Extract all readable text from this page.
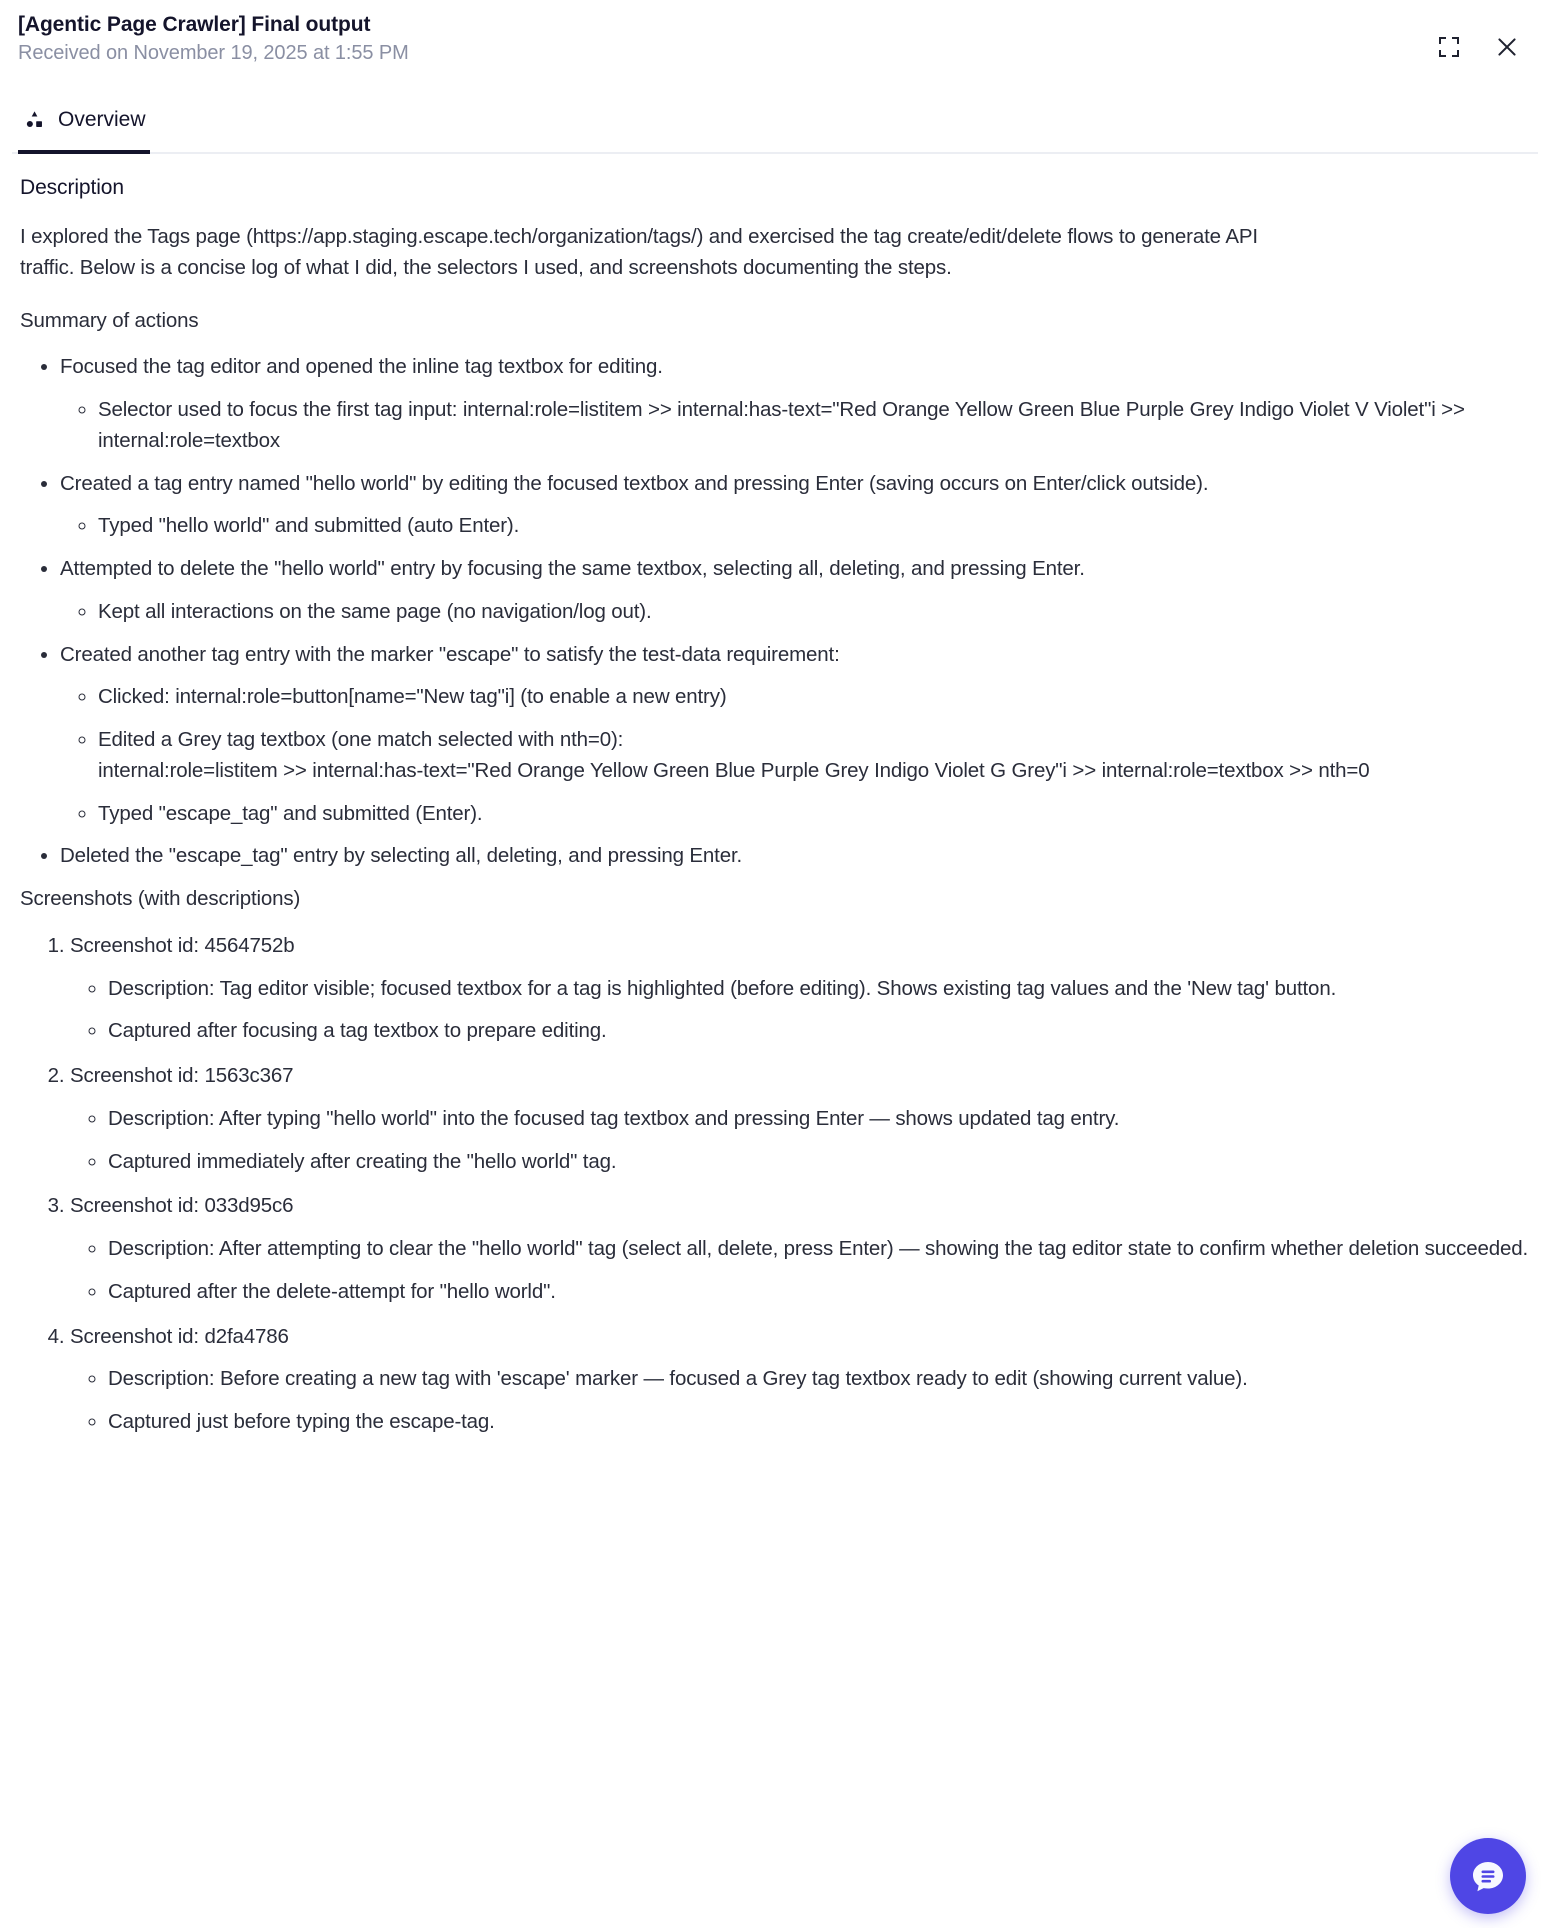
[Agentic Page Crawler] Final output
Received on November 19, 2025 at 1:55 PM
Overview
Description

I explored the Tags page (https://app.staging.escape.tech/organization/tags/) and exercised the tag create/edit/delete flows to generate API traffic. Below is a concise log of what I did, the selectors I used, and screenshots documenting the steps.

Summary of actions

• Focused the tag editor and opened the inline tag textbox for editing.
◦ Selector used to focus the first tag input: internal:role=listitem >> internal:has-text="Red Orange Yellow Green Blue Purple Grey Indigo Violet V Violet"i >> internal:role=textbox
• Created a tag entry named "hello world" by editing the focused textbox and pressing Enter (saving occurs on Enter/click outside).
◦ Typed "hello world" and submitted (auto Enter).
• Attempted to delete the "hello world" entry by focusing the same textbox, selecting all, deleting, and pressing Enter.
◦ Kept all interactions on the same page (no navigation/log out).
• Created another tag entry with the marker "escape" to satisfy the test-data requirement:
◦ Clicked: internal:role=button[name="New tag"i] (to enable a new entry)
◦ Edited a Grey tag textbox (one match selected with nth=0):
internal:role=listitem >> internal:has-text="Red Orange Yellow Green Blue Purple Grey Indigo Violet G Grey"i >> internal:role=textbox >> nth=0
◦ Typed "escape_tag" and submitted (Enter).
• Deleted the "escape_tag" entry by selecting all, deleting, and pressing Enter.

Screenshots (with descriptions)

1. Screenshot id: 4564752b
◦ Description: Tag editor visible; focused textbox for a tag is highlighted (before editing). Shows existing tag values and the 'New tag' button.
◦ Captured after focusing a tag textbox to prepare editing.
2. Screenshot id: 1563c367
◦ Description: After typing "hello world" into the focused tag textbox and pressing Enter — shows updated tag entry.
◦ Captured immediately after creating the "hello world" tag.
3. Screenshot id: 033d95c6
◦ Description: After attempting to clear the "hello world" tag (select all, delete, press Enter) — showing the tag editor state to confirm whether deletion succeeded.
◦ Captured after the delete-attempt for "hello world".
4. Screenshot id: d2fa4786
◦ Description: Before creating a new tag with 'escape' marker — focused a Grey tag textbox ready to edit (showing current value).
◦ Captured just before typing the escape-tag.
